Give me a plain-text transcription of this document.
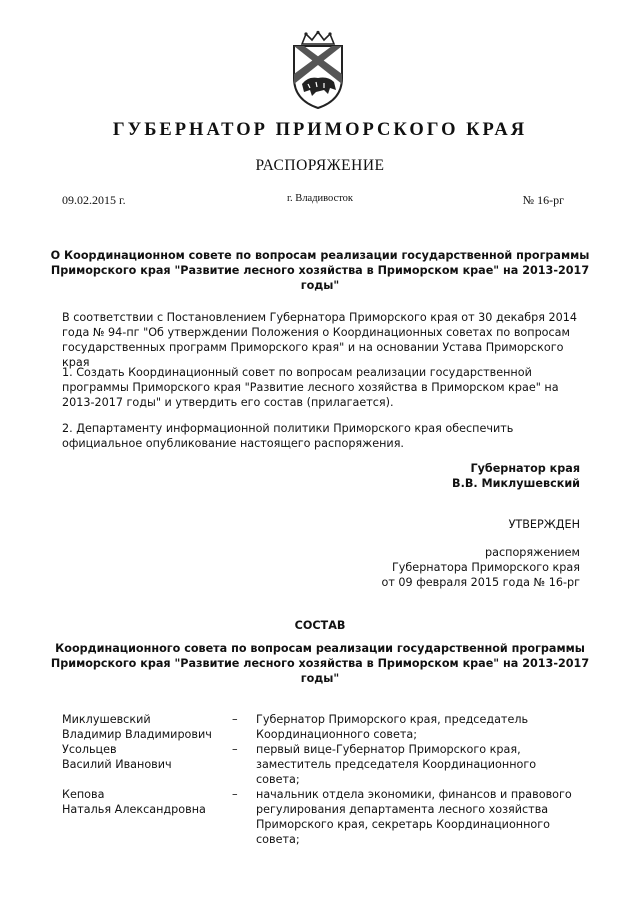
ГУБЕРНАТОР ПРИМОРСКОГО КРАЯ
РАСПОРЯЖЕНИЕ
09.02.2015 г.	г. Владивосток	№ 16-рг
О Координационном совете по вопросам реализации государственной программы Приморского края "Развитие лесного хозяйства в Приморском крае" на 2013-2017 годы"
В соответствии с Постановлением Губернатора Приморского края от 30 декабря 2014 года № 94-пг "Об утверждении Положения о Координационных советах по вопросам государственных программ Приморского края" и на основании Устава Приморского края
1. Создать Координационный совет по вопросам реализации государственной программы Приморского края "Развитие лесного хозяйства в Приморском крае" на 2013-2017 годы" и утвердить его состав (прилагается).
2. Департаменту информационной политики Приморского края обеспечить официальное опубликование настоящего распоряжения.
Губернатор края
В.В. Миклушевский
УТВЕРЖДЕН
распоряжением
Губернатора Приморского края
от 09 февраля 2015 года № 16-рг
СОСТАВ
Координационного совета по вопросам реализации государственной программы Приморского края "Развитие лесного хозяйства в Приморском крае" на 2013-2017 годы"
Миклушевский
Владимир Владимирович
–	Губернатор Приморского края, председатель Координационного совета;
Усольцев
Василий Иванович
–	первый вице-Губернатор Приморского края, заместитель председателя Координационного совета;
Кепова
Наталья Александровна
–	начальник отдела экономики, финансов и правового регулирования департамента лесного хозяйства Приморского края, секретарь Координационного совета;
